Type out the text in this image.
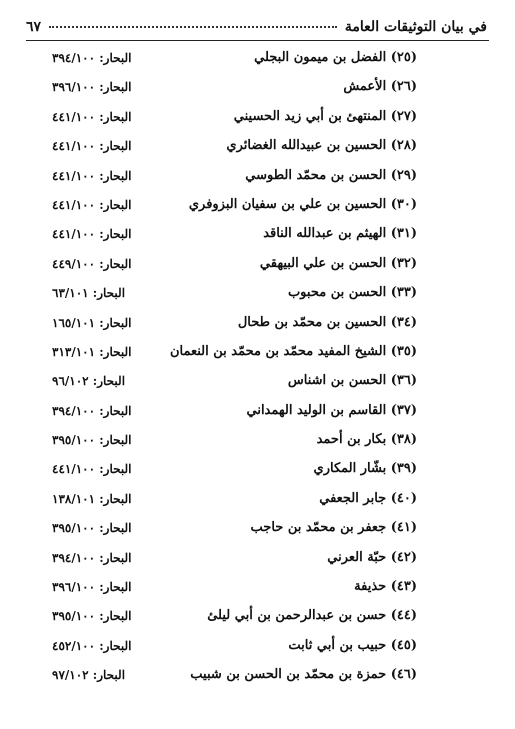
في بيان التوثيقات العامة
٦٧
(٢٥) الفضل بن ميمون البجلي
البحار: ٣٩٤/١٠٠
(٢٦) الأعمش
البحار: ٣٩٦/١٠٠
(٢٧) المنتهئ بن أبي زيد الحسيني
البحار: ٤٤١/١٠٠
(٢٨) الحسين بن عبيدالله الغضائري
البحار: ٤٤١/١٠٠
(٢٩) الحسن بن محمّد الطوسي
البحار: ٤٤١/١٠٠
(٣٠) الحسين بن علي بن سفيان البزوفري
البحار: ٤٤١/١٠٠
(٣١) الهيثم بن عبدالله الناقد
البحار: ٤٤١/١٠٠
(٣٢) الحسن بن علي البيهقي
البحار: ٤٤٩/١٠٠
(٣٣) الحسن بن محبوب
البحار: ٦٣/١٠١
(٣٤) الحسين بن محمّد بن طحال
البحار: ١٦٥/١٠١
(٣٥) الشيخ المفيد محمّد بن محمّد بن النعمان
البحار: ٣١٣/١٠١
(٣٦) الحسن بن اشناس
البحار: ٩٦/١٠٢
(٣٧) القاسم بن الوليد الهمداني
البحار: ٣٩٤/١٠٠
(٣٨) بكار بن أحمد
البحار: ٣٩٥/١٠٠
(٣٩) بشّار المكاري
البحار: ٤٤١/١٠٠
(٤٠) جابر الجعفي
البحار: ١٣٨/١٠١
(٤١) جعفر بن محمّد بن حاجب
البحار: ٣٩٥/١٠٠
(٤٢) حبّة العرني
البحار: ٣٩٤/١٠٠
(٤٣) حذيفة
البحار: ٣٩٦/١٠٠
(٤٤) حسن بن عبدالرحمن بن أبي ليلئ
البحار: ٣٩٥/١٠٠
(٤٥) حبيب بن أبي ثابت
البحار: ٤٥٢/١٠٠
(٤٦) حمزة بن محمّد بن الحسن بن شبيب
البحار: ٩٧/١٠٢
